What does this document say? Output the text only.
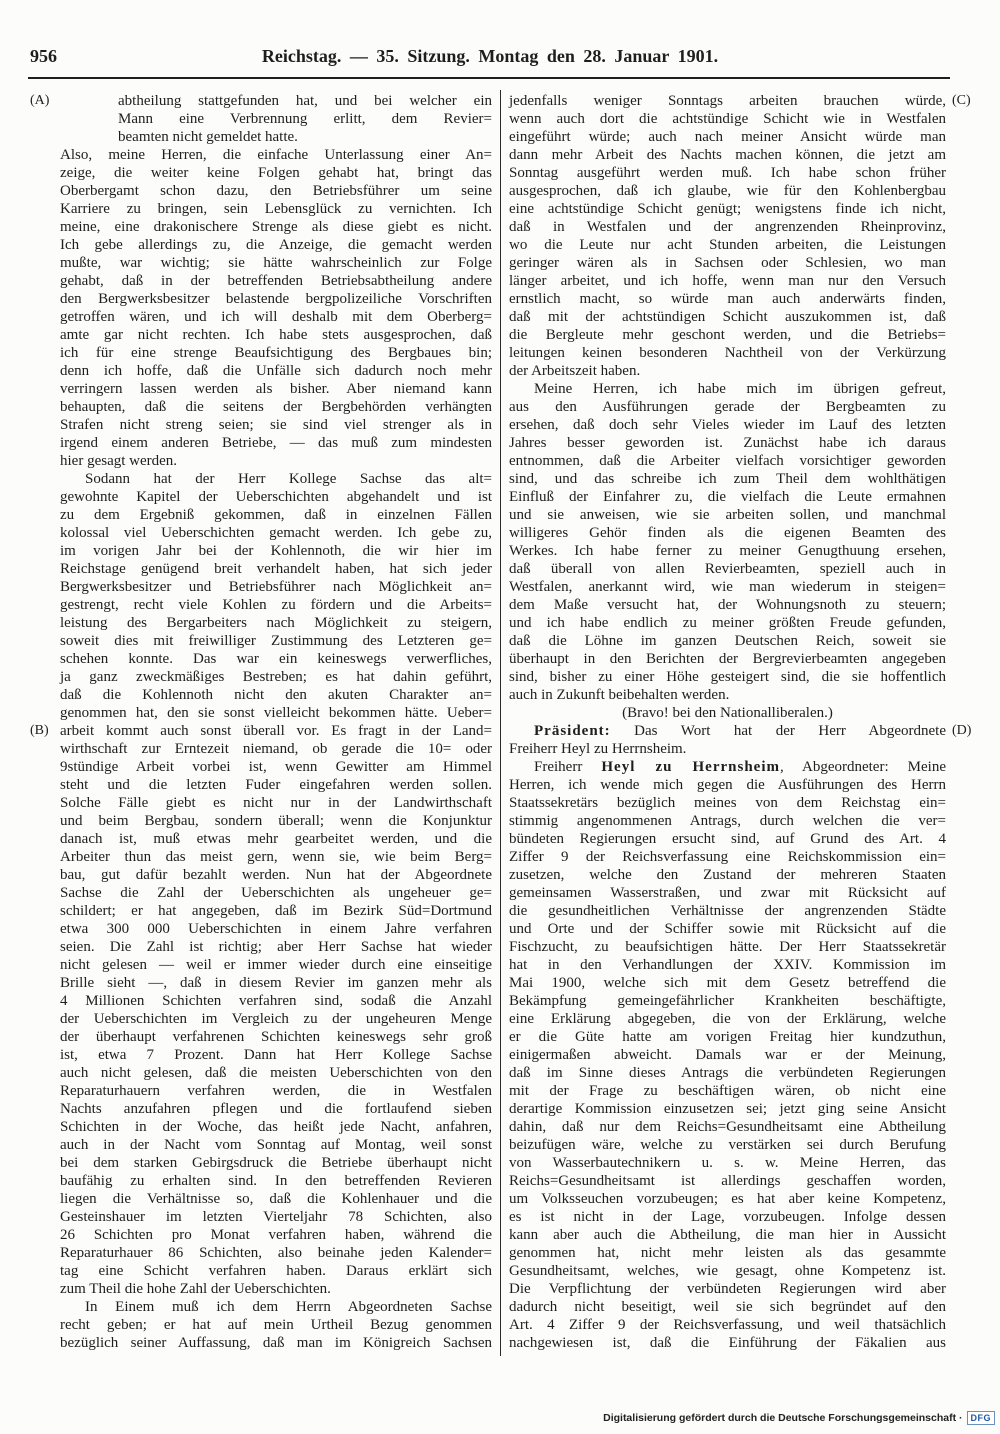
956	Reichstag. — 35. Sitzung. Montag den 28. Januar 1901.
(A)
(B)
(C)
(D)
abtheilung stattgefunden hat, und bei welcher ein
Mann eine Verbrennung erlitt, dem Revier=
beamten nicht gemeldet hatte.
Also, meine Herren, die einfache Unterlassung einer An=
zeige, die weiter keine Folgen gehabt hat, bringt das
Oberbergamt schon dazu, den Betriebsführer um seine
Karriere zu bringen, sein Lebensglück zu vernichten. Ich
meine, eine drakonischere Strenge als diese giebt es nicht.
Ich gebe allerdings zu, die Anzeige, die gemacht werden
mußte, war wichtig; sie hätte wahrscheinlich zur Folge
gehabt, daß in der betreffenden Betriebsabtheilung andere
den Bergwerksbesitzer belastende bergpolizeiliche Vorschriften
getroffen wären, und ich will deshalb mit dem Oberberg=
amte gar nicht rechten. Ich habe stets ausgesprochen, daß
ich für eine strenge Beaufsichtigung des Bergbaues bin;
denn ich hoffe, daß die Unfälle sich dadurch noch mehr
verringern lassen werden als bisher. Aber niemand kann
behaupten, daß die seitens der Bergbehörden verhängten
Strafen nicht streng seien; sie sind viel strenger als in
irgend einem anderen Betriebe, — das muß zum mindesten
hier gesagt werden.
Sodann hat der Herr Kollege Sachse das alt=
gewohnte Kapitel der Ueberschichten abgehandelt und ist
zu dem Ergebniß gekommen, daß in einzelnen Fällen
kolossal viel Ueberschichten gemacht werden. Ich gebe zu,
im vorigen Jahr bei der Kohlennoth, die wir hier im
Reichstage genügend breit verhandelt haben, hat sich jeder
Bergwerksbesitzer und Betriebsführer nach Möglichkeit an=
gestrengt, recht viele Kohlen zu fördern und die Arbeits=
leistung des Bergarbeiters nach Möglichkeit zu steigern,
soweit dies mit freiwilliger Zustimmung des Letzteren ge=
schehen konnte. Das war ein keineswegs verwerfliches,
ja ganz zweckmäßiges Bestreben; es hat dahin geführt,
daß die Kohlennoth nicht den akuten Charakter an=
genommen hat, den sie sonst vielleicht bekommen hätte. Ueber=
arbeit kommt auch sonst überall vor. Es fragt in der Land=
wirthschaft zur Erntezeit niemand, ob gerade die 10= oder
9stündige Arbeit vorbei ist, wenn Gewitter am Himmel
steht und die letzten Fuder eingefahren werden sollen.
Solche Fälle giebt es nicht nur in der Landwirthschaft
und beim Bergbau, sondern überall; wenn die Konjunktur
danach ist, muß etwas mehr gearbeitet werden, und die
Arbeiter thun das meist gern, wenn sie, wie beim Berg=
bau, gut dafür bezahlt werden. Nun hat der Abgeordnete
Sachse die Zahl der Ueberschichten als ungeheuer ge=
schildert; er hat angegeben, daß im Bezirk Süd=Dortmund
etwa 300 000 Ueberschichten in einem Jahre verfahren
seien. Die Zahl ist richtig; aber Herr Sachse hat wieder
nicht gelesen — weil er immer wieder durch eine einseitige
Brille sieht —, daß in diesem Revier im ganzen mehr als
4 Millionen Schichten verfahren sind, sodaß die Anzahl
der Ueberschichten im Vergleich zu der ungeheuren Menge
der überhaupt verfahrenen Schichten keineswegs sehr groß
ist, etwa 7 Prozent. Dann hat Herr Kollege Sachse
auch nicht gelesen, daß die meisten Ueberschichten von den
Reparaturhauern verfahren werden, die in Westfalen
Nachts anzufahren pflegen und die fortlaufend sieben
Schichten in der Woche, das heißt jede Nacht, anfahren,
auch in der Nacht vom Sonntag auf Montag, weil sonst
bei dem starken Gebirgsdruck die Betriebe überhaupt nicht
baufähig zu erhalten sind. In den betreffenden Revieren
liegen die Verhältnisse so, daß die Kohlenhauer und die
Gesteinshauer im letzten Vierteljahr 78 Schichten, also
26 Schichten pro Monat verfahren haben, während die
Reparaturhauer 86 Schichten, also beinahe jeden Kalender=
tag eine Schicht verfahren haben. Daraus erklärt sich
zum Theil die hohe Zahl der Ueberschichten.
In Einem muß ich dem Herrn Abgeordneten Sachse
recht geben; er hat auf mein Urtheil Bezug genommen
bezüglich seiner Auffassung, daß man im Königreich Sachsen
jedenfalls weniger Sonntags arbeiten brauchen würde,
wenn auch dort die achtstündige Schicht wie in Westfalen
eingeführt würde; auch nach meiner Ansicht würde man
dann mehr Arbeit des Nachts machen können, die jetzt am
Sonntag ausgeführt werden muß. Ich habe schon früher
ausgesprochen, daß ich glaube, wie für den Kohlenbergbau
eine achtstündige Schicht genügt; wenigstens finde ich nicht,
daß in Westfalen und der angrenzenden Rheinprovinz,
wo die Leute nur acht Stunden arbeiten, die Leistungen
geringer wären als in Sachsen oder Schlesien, wo man
länger arbeitet, und ich hoffe, wenn man nur den Versuch
ernstlich macht, so würde man auch anderwärts finden,
daß mit der achtstündigen Schicht auszukommen ist, daß
die Bergleute mehr geschont werden, und die Betriebs=
leitungen keinen besonderen Nachtheil von der Verkürzung
der Arbeitszeit haben.
Meine Herren, ich habe mich im übrigen gefreut,
aus den Ausführungen gerade der Bergbeamten zu
ersehen, daß doch sehr Vieles wieder im Lauf des letzten
Jahres besser geworden ist. Zunächst habe ich daraus
entnommen, daß die Arbeiter vielfach vorsichtiger geworden
sind, und das schreibe ich zum Theil dem wohlthätigen
Einfluß der Einfahrer zu, die vielfach die Leute ermahnen
und sie anweisen, wie sie arbeiten sollen, und manchmal
willigeres Gehör finden als die eigenen Beamten des
Werkes. Ich habe ferner zu meiner Genugthuung ersehen,
daß überall von allen Revierbeamten, speziell auch in
Westfalen, anerkannt wird, wie man wiederum in steigen=
dem Maße versucht hat, der Wohnungsnoth zu steuern;
und ich habe endlich zu meiner größten Freude gefunden,
daß die Löhne im ganzen Deutschen Reich, soweit sie
überhaupt in den Berichten der Bergrevierbeamten angegeben
sind, bisher zu einer Höhe gesteigert sind, die sie hoffentlich
auch in Zukunft beibehalten werden.
(Bravo! bei den Nationalliberalen.)
Präsident: Das Wort hat der Herr Abgeordnete
Freiherr Heyl zu Herrnsheim.
Freiherr Heyl zu Herrnsheim, Abgeordneter: Meine
Herren, ich wende mich gegen die Ausführungen des Herrn
Staatssekretärs bezüglich meines von dem Reichstag ein=
stimmig angenommenen Antrags, durch welchen die ver=
bündeten Regierungen ersucht sind, auf Grund des Art. 4
Ziffer 9 der Reichsverfassung eine Reichskommission ein=
zusetzen, welche den Zustand der mehreren Staaten
gemeinsamen Wasserstraßen, und zwar mit Rücksicht auf
die gesundheitlichen Verhältnisse der angrenzenden Städte
und Orte und der Schiffer sowie mit Rücksicht auf die
Fischzucht, zu beaufsichtigen hätte. Der Herr Staatssekretär
hat in den Verhandlungen der XXIV. Kommission im
Mai 1900, welche sich mit dem Gesetz betreffend die
Bekämpfung gemeingefährlicher Krankheiten beschäftigte,
eine Erklärung abgegeben, die von der Erklärung, welche
er die Güte hatte am vorigen Freitag hier kundzuthun,
einigermaßen abweicht. Damals war er der Meinung,
daß im Sinne dieses Antrags die verbündeten Regierungen
mit der Frage zu beschäftigen wären, ob nicht eine
derartige Kommission einzusetzen sei; jetzt ging seine Ansicht
dahin, daß nur dem Reichs=Gesundheitsamt eine Abtheilung
beizufügen wäre, welche zu verstärken sei durch Berufung
von Wasserbautechnikern u. s. w. Meine Herren, das
Reichs=Gesundheitsamt ist allerdings geschaffen worden,
um Volksseuchen vorzubeugen; es hat aber keine Kompetenz,
es ist nicht in der Lage, vorzubeugen. Infolge dessen
kann aber auch die Abtheilung, die man hier in Aussicht
genommen hat, nicht mehr leisten als das gesammte
Gesundheitsamt, welches, wie gesagt, ohne Kompetenz ist.
Die Verpflichtung der verbündeten Regierungen wird aber
dadurch nicht beseitigt, weil sie sich begründet auf den
Art. 4 Ziffer 9 der Reichsverfassung, und weil thatsächlich
nachgewiesen ist, daß die Einführung der Fäkalien aus
Digitalisierung gefördert durch die Deutsche Forschungsgemeinschaft · DFG
